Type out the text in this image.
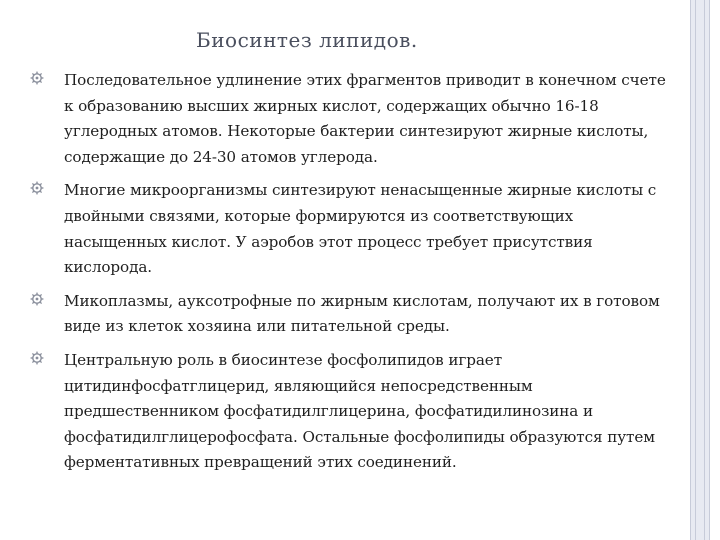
Биосинтез липидов.

Последовательное удлинение этих фрагментов приводит в конечном счете к образованию высших жирных кислот, содержащих обычно 16-18 углеродных атомов. Некоторые бактерии синтезируют жирные кислоты, содержащие до 24-30 атомов углерода.

Многие микроорганизмы синтезируют ненасыщенные жирные кислоты с двойными связями, которые формируются из соответствующих насыщенных кислот. У аэробов этот процесс требует присутствия кислорода.

Микоплазмы, ауксотрофные по жирным кислотам, получают их в готовом виде из клеток хозяина или питательной среды.

Центральную роль в биосинтезе фосфолипидов играет цитидинфосфатглицерид, являющийся непосредственным предшественником фосфатидилглицерина, фосфатидилинозина и фосфатидилглицерофосфата. Остальные фосфолипиды образуются путем ферментативных превращений этих соединений.
